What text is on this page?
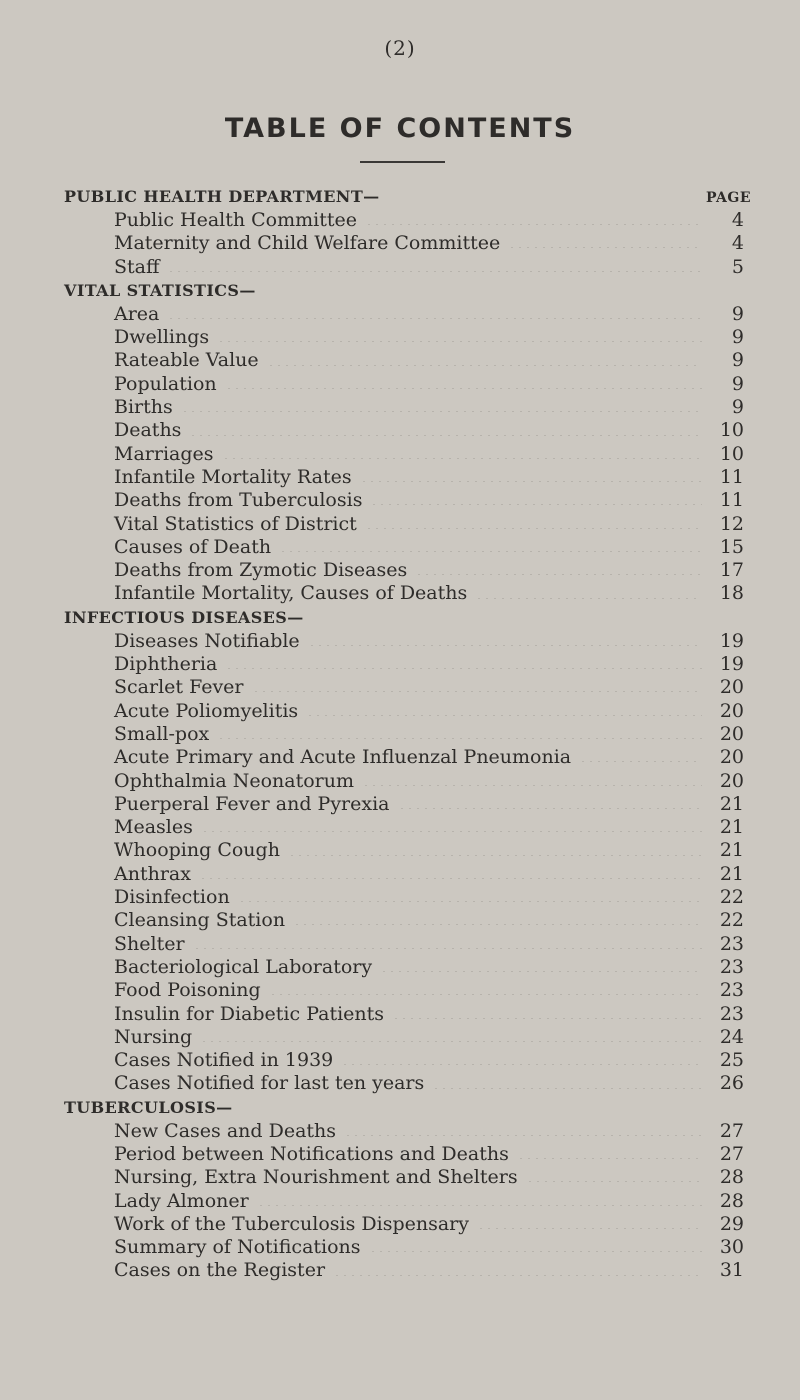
(2)
TABLE OF CONTENTS
PAGE
PUBLIC HEALTH DEPARTMENT—
Public Health Committee	4
Maternity and Child Welfare Committee	4
Staff	5
VITAL STATISTICS—
Area	9
Dwellings	9
Rateable Value	9
Population	9
Births	9
Deaths	10
Marriages	10
Infantile Mortality Rates	11
Deaths from Tuberculosis	11
Vital Statistics of District	12
Causes of Death	15
Deaths from Zymotic Diseases	17
Infantile Mortality, Causes of Deaths	18
INFECTIOUS DISEASES—
Diseases Notifiable	19
Diphtheria	19
Scarlet Fever	20
Acute Poliomyelitis	20
Small-pox	20
Acute Primary and Acute Influenzal Pneumonia	20
Ophthalmia Neonatorum	20
Puerperal Fever and Pyrexia	21
Measles	21
Whooping Cough	21
Anthrax	21
Disinfection	22
Cleansing Station	22
Shelter	23
Bacteriological Laboratory	23
Food Poisoning	23
Insulin for Diabetic Patients	23
Nursing	24
Cases Notified in 1939	25
Cases Notified for last ten years	26
TUBERCULOSIS—
New Cases and Deaths	27
Period between Notifications and Deaths	27
Nursing, Extra Nourishment and Shelters	28
Lady Almoner	28
Work of the Tuberculosis Dispensary	29
Summary of Notifications	30
Cases on the Register	31
